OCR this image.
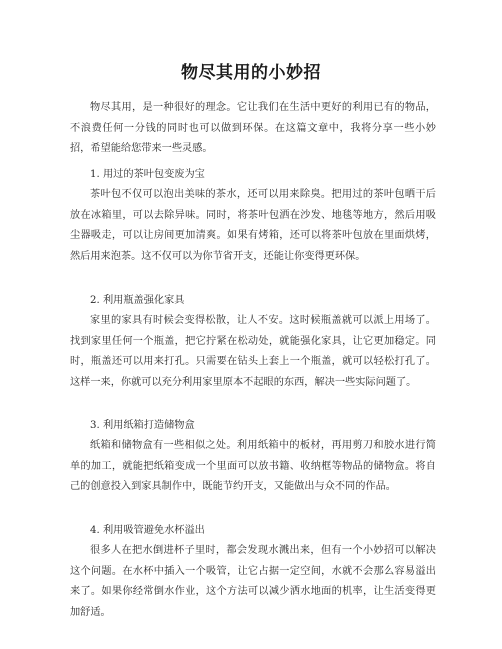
物尽其用的小妙招

物尽其用，是一种很好的理念。它让我们在生活中更好的利用已有的物品，不浪费任何一分钱的同时也可以做到环保。在这篇文章中，我将分享一些小妙招，希望能给您带来一些灵感。

1. 用过的茶叶包变废为宝

茶叶包不仅可以泡出美味的茶水，还可以用来除臭。把用过的茶叶包晒干后放在冰箱里，可以去除异味。同时，将茶叶包洒在沙发、地毯等地方，然后用吸尘器吸走，可以让房间更加清爽。如果有烤箱，还可以将茶叶包放在里面烘烤，然后用来泡茶。这不仅可以为你节省开支，还能让你变得更环保。

2. 利用瓶盖强化家具

家里的家具有时候会变得松散，让人不安。这时候瓶盖就可以派上用场了。找到家里任何一个瓶盖，把它拧紧在松动处，就能强化家具，让它更加稳定。同时，瓶盖还可以用来打孔。只需要在钻头上套上一个瓶盖，就可以轻松打孔了。这样一来，你就可以充分利用家里原本不起眼的东西，解决一些实际问题了。

3. 利用纸箱打造储物盒

纸箱和储物盒有一些相似之处。利用纸箱中的板材，再用剪刀和胶水进行简单的加工，就能把纸箱变成一个里面可以放书籍、收纳框等物品的储物盒。将自己的创意投入到家具制作中，既能节约开支，又能做出与众不同的作品。

4. 利用吸管避免水杯溢出

很多人在把水倒进杯子里时，都会发现水溅出来，但有一个小妙招可以解决这个问题。在水杯中插入一个吸管，让它占据一定空间，水就不会那么容易溢出来了。如果你经常倒水作业，这个方法可以减少洒水地面的机率，让生活变得更加舒适。
